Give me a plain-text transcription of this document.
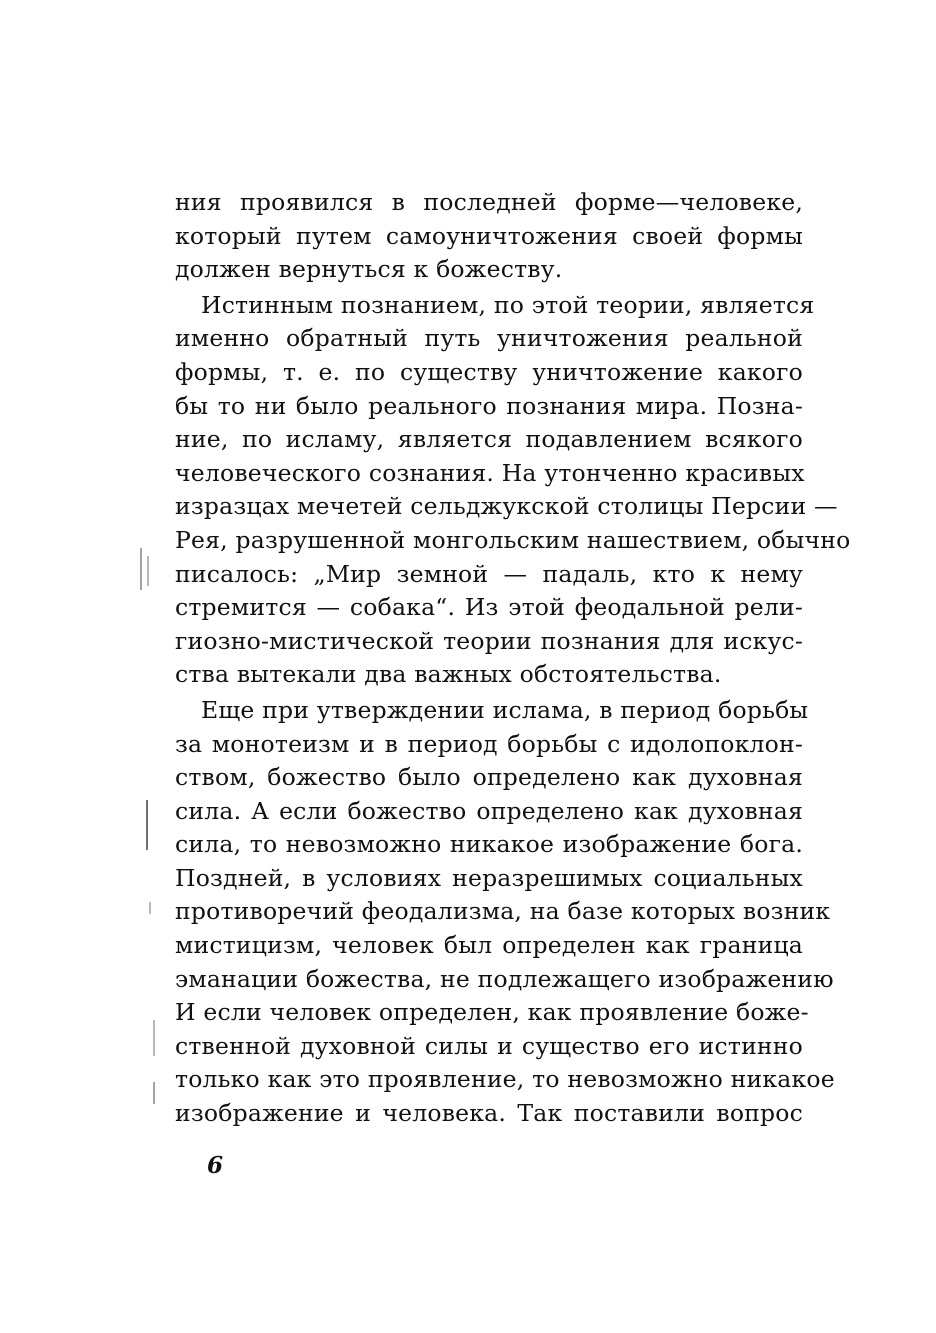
ния проявился в последней форме—человеке,
который путем самоуничтожения своей формы
должен вернуться к божеству.
Истинным познанием, по этой теории, является
именно обратный путь уничтожения реальной
формы, т. е. по существу уничтожение какого
бы то ни было реального познания мира. Позна-
ние, по исламу, является подавлением всякого
человеческого сознания. На утонченно красивых
изразцах мечетей сельджукской столицы Персии —
Рея, разрушенной монгольским нашествием, обычно
писалось: „Мир земной — падаль, кто к нему
стремится — собака“. Из этой феодальной рели-
гиозно-мистической теории познания для искус-
ства вытекали два важных обстоятельства.
Еще при утверждении ислама, в период борьбы
за монотеизм и в период борьбы с идолопоклон-
ством, божество было определено как духовная
сила. А если божество определено как духовная
сила, то невозможно никакое изображение бога.
Поздней, в условиях неразрешимых социальных
противоречий феодализма, на базе которых возник
мистицизм, человек был определен как граница
эманации божества, не подлежащего изображению
И если человек определен, как проявление боже-
ственной духовной силы и существо его истинно
только как это проявление, то невозможно никакое
изображение и человека. Так поставили вопрос
6
